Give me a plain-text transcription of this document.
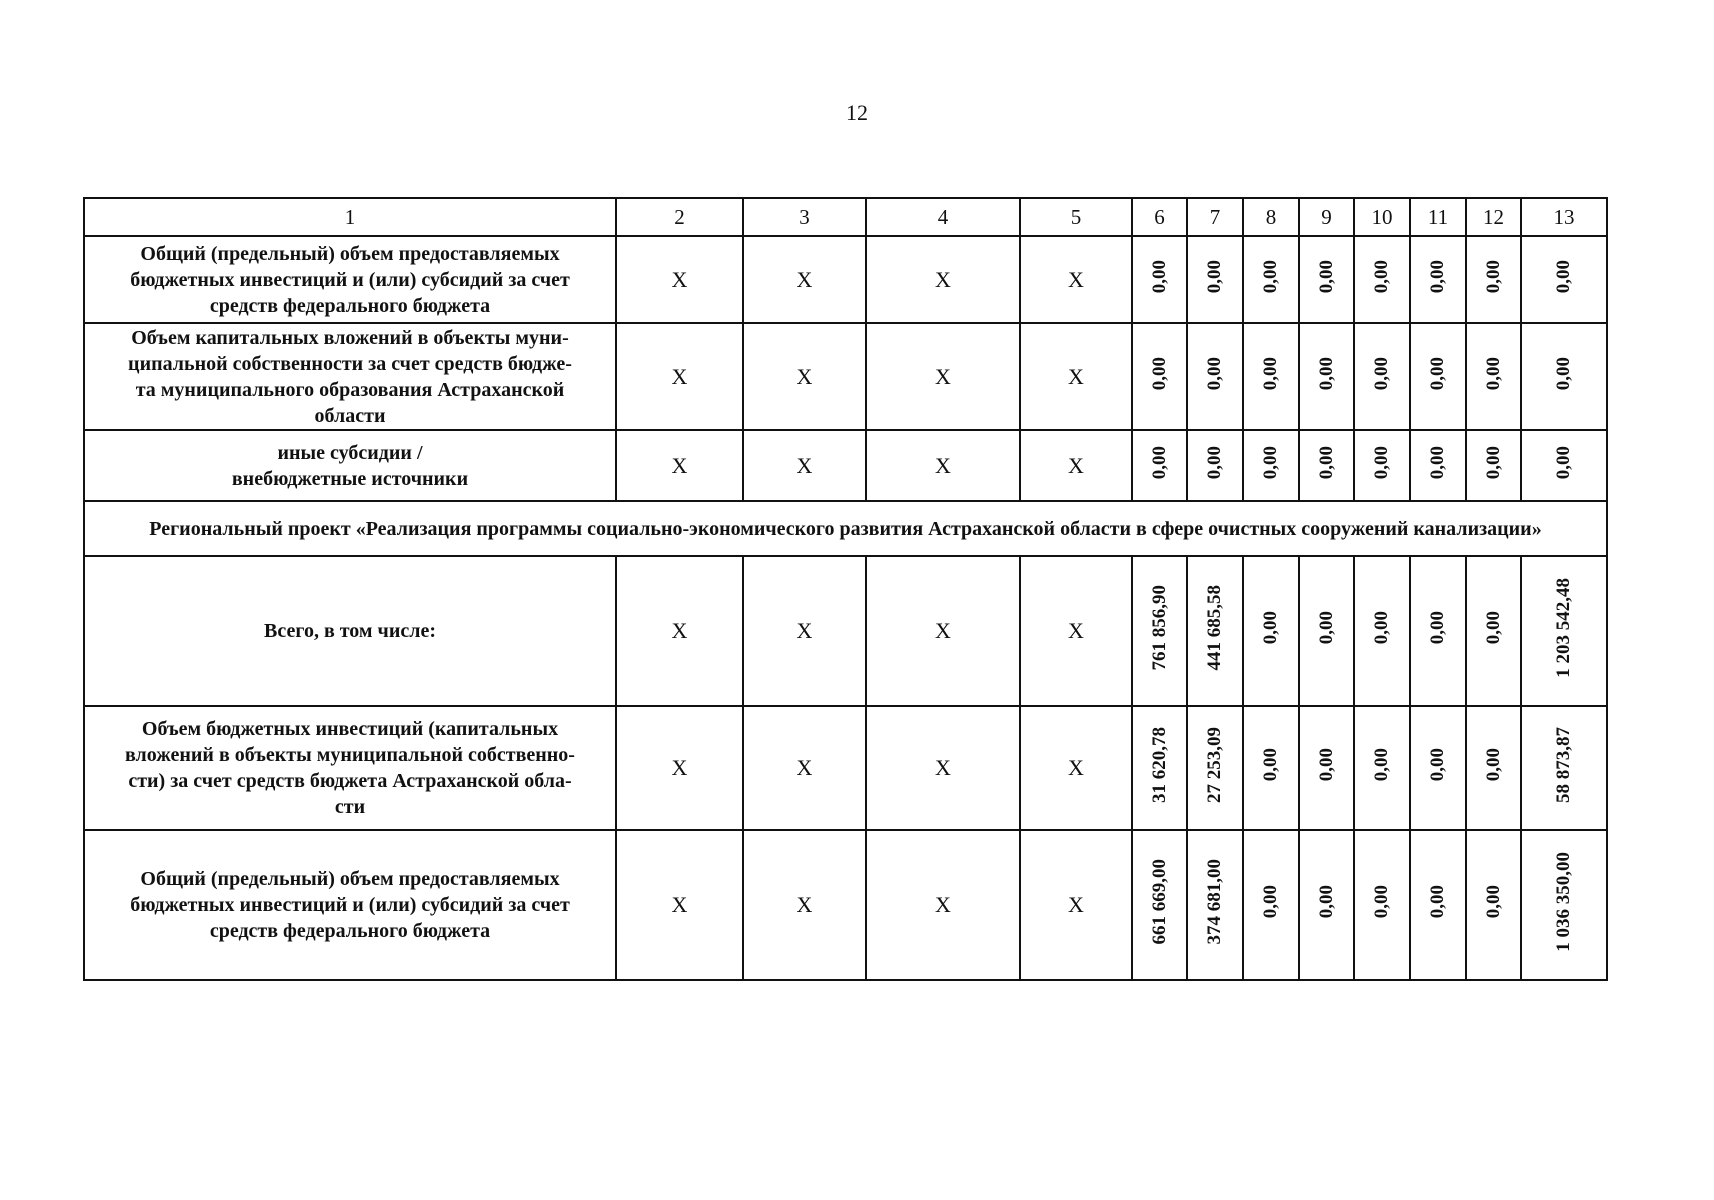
12
1	2	3	4	5	6	7	8	9	10	11	12	13

Общий (предельный) объем предоставляемых
бюджетных инвестиций и (или) субсидий за счет
средств федерального бюджета	X	X	X	X	0,00	0,00	0,00	0,00	0,00	0,00	0,00	0,00

Объем капитальных вложений в объекты муни-
ципальной собственности за счет средств бюдже-
та муниципального образования Астраханской
области	X	X	X	X	0,00	0,00	0,00	0,00	0,00	0,00	0,00	0,00

иные субсидии /
внебюджетные источники	X	X	X	X	0,00	0,00	0,00	0,00	0,00	0,00	0,00	0,00
Региональный проект «Реализация программы социально-экономического развития Астраханской области в сфере очистных сооружений канализации»												

Всего, в том числе:	X	X	X	X	761 856,90	441 685,58	0,00	0,00	0,00	0,00	0,00	1 203 542,48

Объем бюджетных инвестиций (капитальных
вложений в объекты муниципальной собственно-
сти) за счет средств бюджета Астраханской обла-
сти	X	X	X	X	31 620,78	27 253,09	0,00	0,00	0,00	0,00	0,00	58 873,87

Общий (предельный) объем предоставляемых
бюджетных инвестиций и (или) субсидий за счет
средств федерального бюджета	X	X	X	X	661 669,00	374 681,00	0,00	0,00	0,00	0,00	0,00	1 036 350,00
